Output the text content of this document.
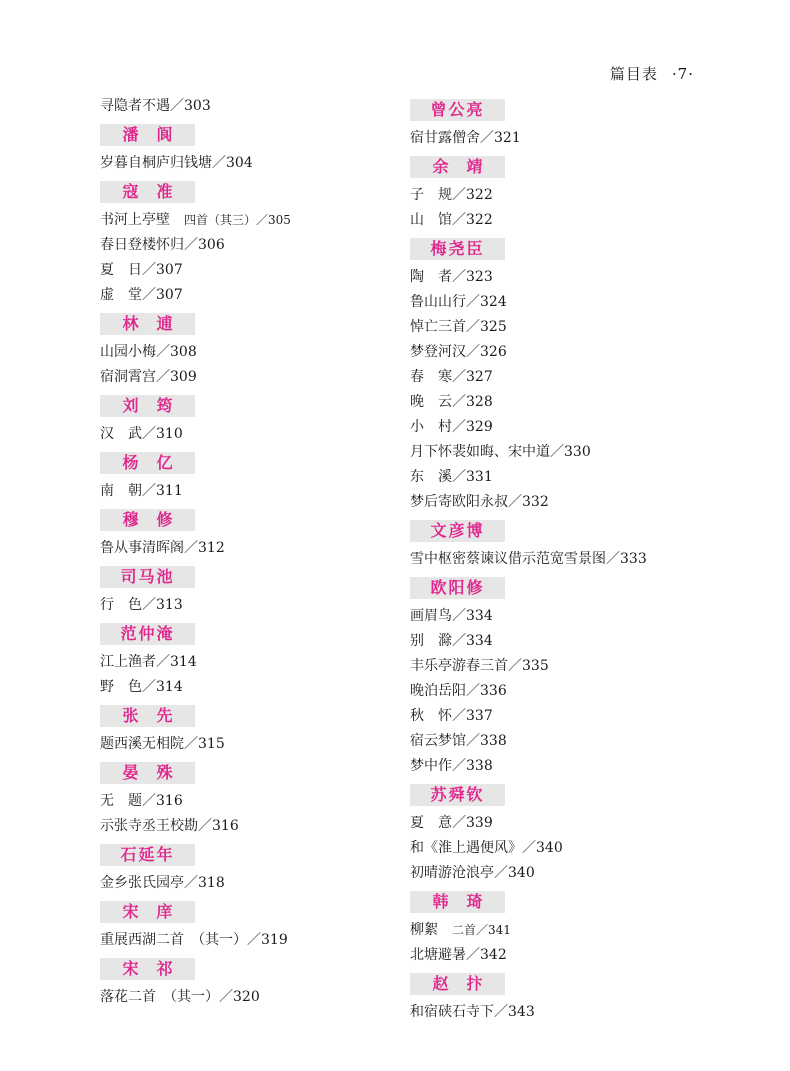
篇目表 ·7·
寻隐者不遇／303
潘阆
岁暮自桐庐归钱塘／304
寇准
书河上亭壁 四首（其三）／305
春日登楼怀归／306
夏　日／307
虚　堂／307
林逋
山园小梅／308
宿洞霄宫／309
刘筠
汉　武／310
杨亿
南　朝／311
穆修
鲁从事清晖阁／312
司马池
行　色／313
范仲淹
江上渔者／314
野　色／314
张先
题西溪无相院／315
晏殊
无　题／316
示张寺丞王校勘／316
石延年
金乡张氏园亭／318
宋庠
重展西湖二首　（其一）／319
宋祁
落花二首　（其一）／320
曾公亮
宿甘露僧舍／321
余靖
子　规／322
山　馆／322
梅尧臣
陶　者／323
鲁山山行／324
悼亡三首／325
梦登河汉／326
春　寒／327
晚　云／328
小　村／329
月下怀裴如晦、宋中道／330
东　溪／331
梦后寄欧阳永叔／332
文彦博
雪中枢密蔡谏议借示范宽雪景图／333
欧阳修
画眉鸟／334
别　滁／334
丰乐亭游春三首／335
晚泊岳阳／336
秋　怀／337
宿云梦馆／338
梦中作／338
苏舜钦
夏　意／339
和《淮上遇便风》／340
初晴游沧浪亭／340
韩琦
柳絮 二首／341
北塘避暑／342
赵抃
和宿硖石寺下／343
